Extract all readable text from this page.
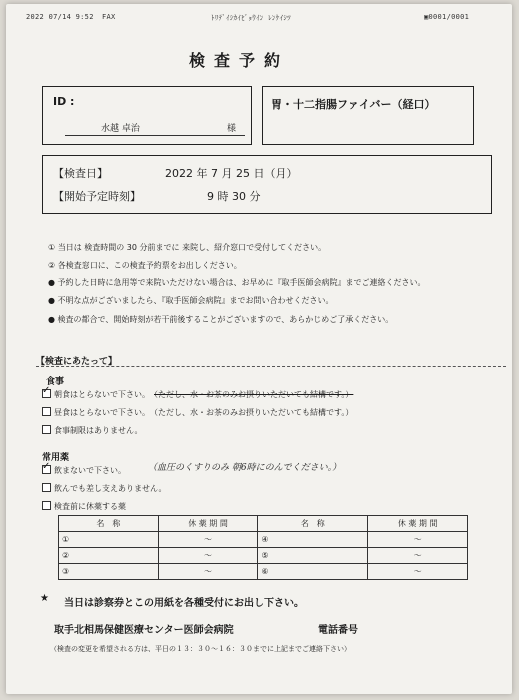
2022 07/14 9:52 FAX	ﾄﾘﾃﾞｲｼｶｲﾋﾞｮｳｲﾝ ﾚﾝｹｲｼﾂ	▣0001/0001
検査予約
ID :
水越 卓治	様
胃・十二指腸ファイバー（経口）
【検査日】	2022 年 7 月 25 日（月）
【開始予定時刻】	9 時 30 分
① 当日は 検査時間の 30 分前までに 来院し、紹介窓口で受付してください。
② 各検査窓口に、この検査予約票をお出しください。
● 予約した日時に急用等で来院いただけない場合は、お早めに『取手医師会病院』までご連絡ください。
● 不明な点がございましたら、『取手医師会病院』までお問い合わせください。
● 検査の都合で、開始時刻が若干前後することがございますので、あらかじめご了承ください。
【検査にあたって】
食事
✓ 朝食はとらないで下さい。 （ただし、水・お茶のみお摂りいただいても結構です。）
昼食はとらないで下さい。 （ただし、水・お茶のみお摂りいただいても結構です。）
食事制限はありません。
常用薬
✓ 飲まないで下さい。 （血圧のくすりのみ 朝6時にのんでください。）
飲んでも差し支えありません。
検査前に休薬する薬
名　称	休 薬 期 間	名　称	休 薬 期 間
①	～	④	～
②	～	⑤	～
③	～	⑥	～
★ 当日は診察券とこの用紙を各種受付にお出し下さい。
取手北相馬保健医療センター医師会病院	電話番号
（検査の変更を希望される方は、平日の１３：３０～１６：３０までに上記までご連絡下さい）
